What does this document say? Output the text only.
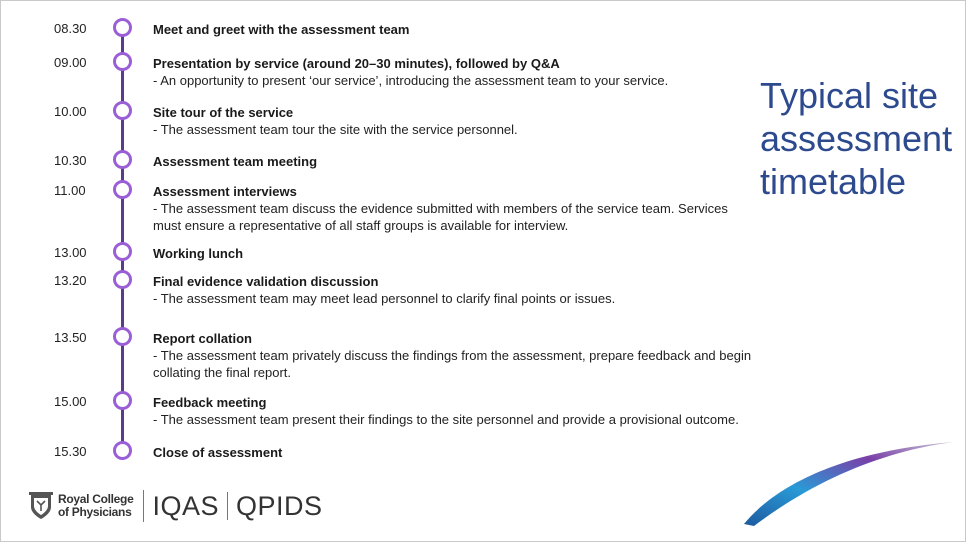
08.30	Meet and greet with the assessment team
09.00	Presentation by service (around 20–30 minutes), followed by Q&A
- An opportunity to present ‘our service’, introducing the assessment team to your service.
10.00	Site tour of the service
- The assessment team tour the site with the service personnel.
10.30	Assessment team meeting
11.00	Assessment interviews
- The assessment team discuss the evidence submitted with members of the service team. Services
must ensure a representative of all staff groups is available for interview.
13.00	Working lunch
13.20	Final evidence validation discussion
- The assessment team may meet lead personnel to clarify final points or issues.
13.50	Report collation
- The assessment team privately discuss the findings from the assessment, prepare feedback and begin
collating the final report.
15.00	Feedback meeting
- The assessment team present their findings to the site personnel and provide a provisional outcome.
15.30	Close of assessment
Typical site
assessment
timetable
Royal College
of Physicians IQAS QPIDS
